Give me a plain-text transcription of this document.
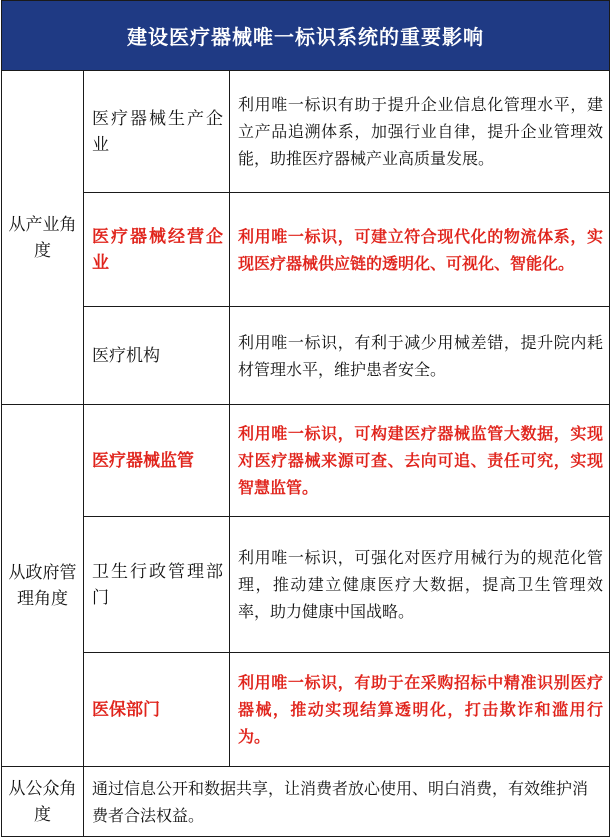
建设医疗器械唯一标识系统的重要影响		
从产业角度	医疗器械生产企业	利用唯一标识有助于提升企业信息化管理水平，建立产品追溯体系，加强行业自律，提升企业管理效能，助推医疗器械产业高质量发展。
	医疗器械经营企业	利用唯一标识，可建立符合现代化的物流体系，实现医疗器械供应链的透明化、可视化、智能化。
	医疗机构	利用唯一标识，有利于减少用械差错，提升院内耗材管理水平，维护患者安全。
从政府管理角度	医疗器械监管	利用唯一标识，可构建医疗器械监管大数据，实现对医疗器械来源可查、去向可追、责任可究，实现智慧监管。
	卫生行政管理部门	利用唯一标识，可强化对医疗用械行为的规范化管理，推动建立健康医疗大数据，提高卫生管理效率，助力健康中国战略。
	医保部门	利用唯一标识，有助于在采购招标中精准识别医疗器械，推动实现结算透明化，打击欺诈和滥用行为。
从公众角度	通过信息公开和数据共享，让消费者放心使用、明白消费，有效维护消费者合法权益。	
